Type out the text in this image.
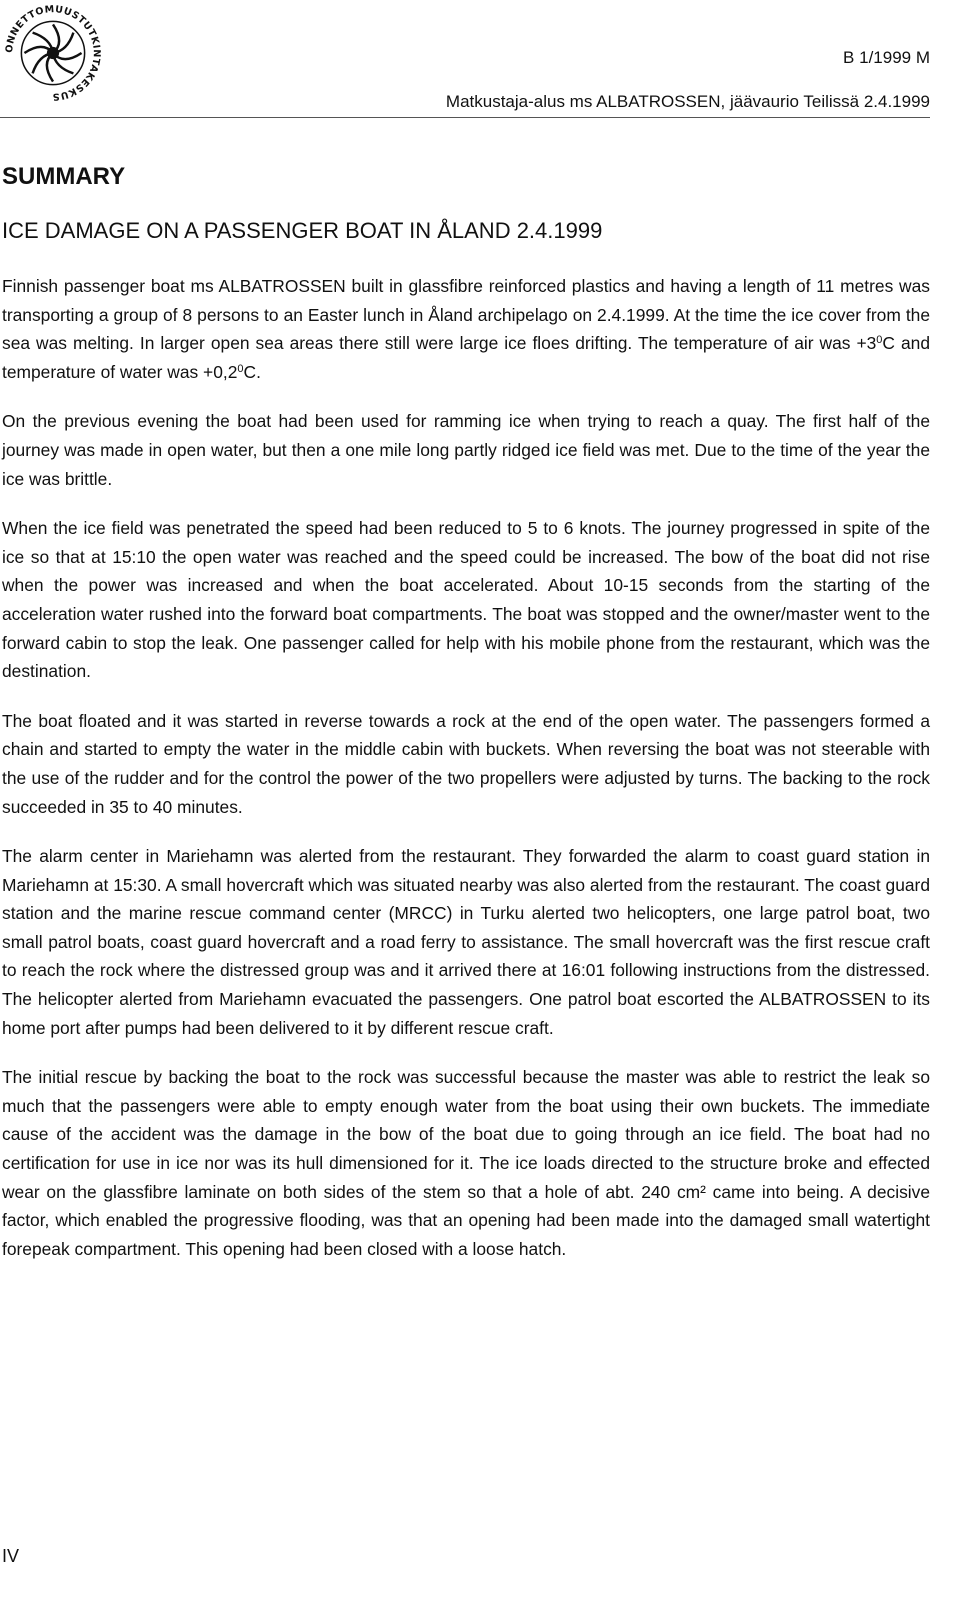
ONNETTOMUUSTUTKINTAKESKUS
B 1/1999 M
Matkustaja-alus ms ALBATROSSEN, jäävaurio Teilissä 2.4.1999
SUMMARY
ICE DAMAGE ON A PASSENGER BOAT IN ÅLAND 2.4.1999

Finnish passenger boat ms ALBATROSSEN built in glassfibre reinforced plastics and having a length of 11 metres was transporting a group of 8 persons to an Easter lunch in Åland archipelago on 2.4.1999. At the time the ice cover from the sea was melting. In larger open sea areas there still were large ice floes drifting. The temperature of air was $+3^0C$ and temperature of water was $+0,2^0C$.

On the previous evening the boat had been used for ramming ice when trying to reach a quay. The first half of the journey was made in open water, but then a one mile long partly ridged ice field was met. Due to the time of the year the ice was brittle.

When the ice field was penetrated the speed had been reduced to 5 to 6 knots. The journey progressed in spite of the ice so that at 15:10 the open water was reached and the speed could be increased. The bow of the boat did not rise when the power was increased and when the boat accelerated. About 10-15 seconds from the starting of the acceleration water rushed into the forward boat compartments. The boat was stopped and the owner/master went to the forward cabin to stop the leak. One passenger called for help with his mobile phone from the restaurant, which was the destination.

The boat floated and it was started in reverse towards a rock at the end of the open water. The passengers formed a chain and started to empty the water in the middle cabin with buckets. When reversing the boat was not steerable with the use of the rudder and for the control the power of the two propellers were adjusted by turns. The backing to the rock succeeded in 35 to 40 minutes.

The alarm center in Mariehamn was alerted from the restaurant. They forwarded the alarm to coast guard station in Mariehamn at 15:30. A small hovercraft which was situated nearby was also alerted from the restaurant. The coast guard station and the marine rescue command center (MRCC) in Turku alerted two helicopters, one large patrol boat, two small patrol boats, coast guard hovercraft and a road ferry to assistance. The small hovercraft was the first rescue craft to reach the rock where the distressed group was and it arrived there at 16:01 following instructions from the distressed. The helicopter alerted from Mariehamn evacuated the passengers. One patrol boat escorted the ALBATROSSEN to its home port after pumps had been delivered to it by different rescue craft.

The initial rescue by backing the boat to the rock was successful because the master was able to restrict the leak so much that the passengers were able to empty enough water from the boat using their own buckets. The immediate cause of the accident was the damage in the bow of the boat due to going through an ice field. The boat had no certification for use in ice nor was its hull dimensioned for it. The ice loads directed to the structure broke and effected wear on the glassfibre laminate on both sides of the stem so that a hole of abt. 240 cm² came into being. A decisive factor, which enabled the progressive flooding, was that an opening had been made into the damaged small watertight forepeak compartment. This opening had been closed with a loose hatch.

IV
